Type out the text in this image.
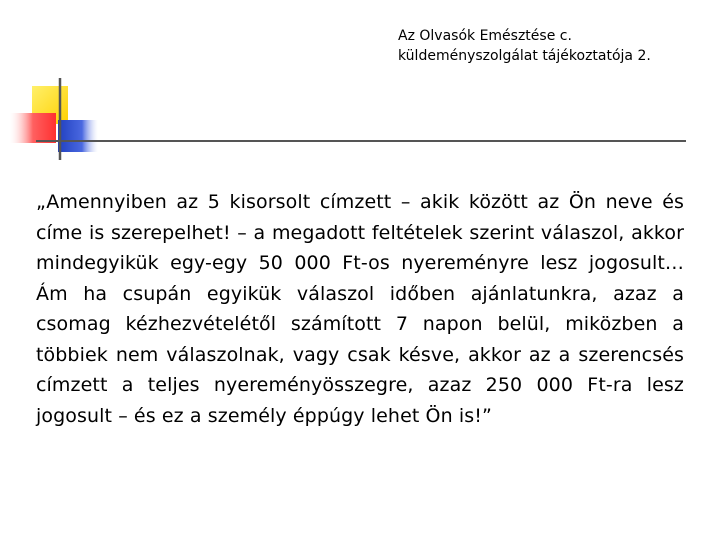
Az Olvasók Emésztése c.
küldeményszolgálat tájékoztatója 2.
„Amennyiben az 5 kisorsolt címzett – akik között az Ön neve és címe is szerepelhet! – a megadott feltételek szerint válaszol, akkor mindegyikük egy-egy 50 000 Ft-os nyereményre lesz jogosult… Ám ha csupán egyikük válaszol időben ajánlatunkra, azaz a csomag kézhezvételétől számított 7 napon belül, miközben a többiek nem válaszolnak, vagy csak késve, akkor az a szerencsés címzett a teljes nyereményösszegre, azaz 250 000 Ft-ra lesz jogosult – és ez a személy éppúgy lehet Ön is!”
